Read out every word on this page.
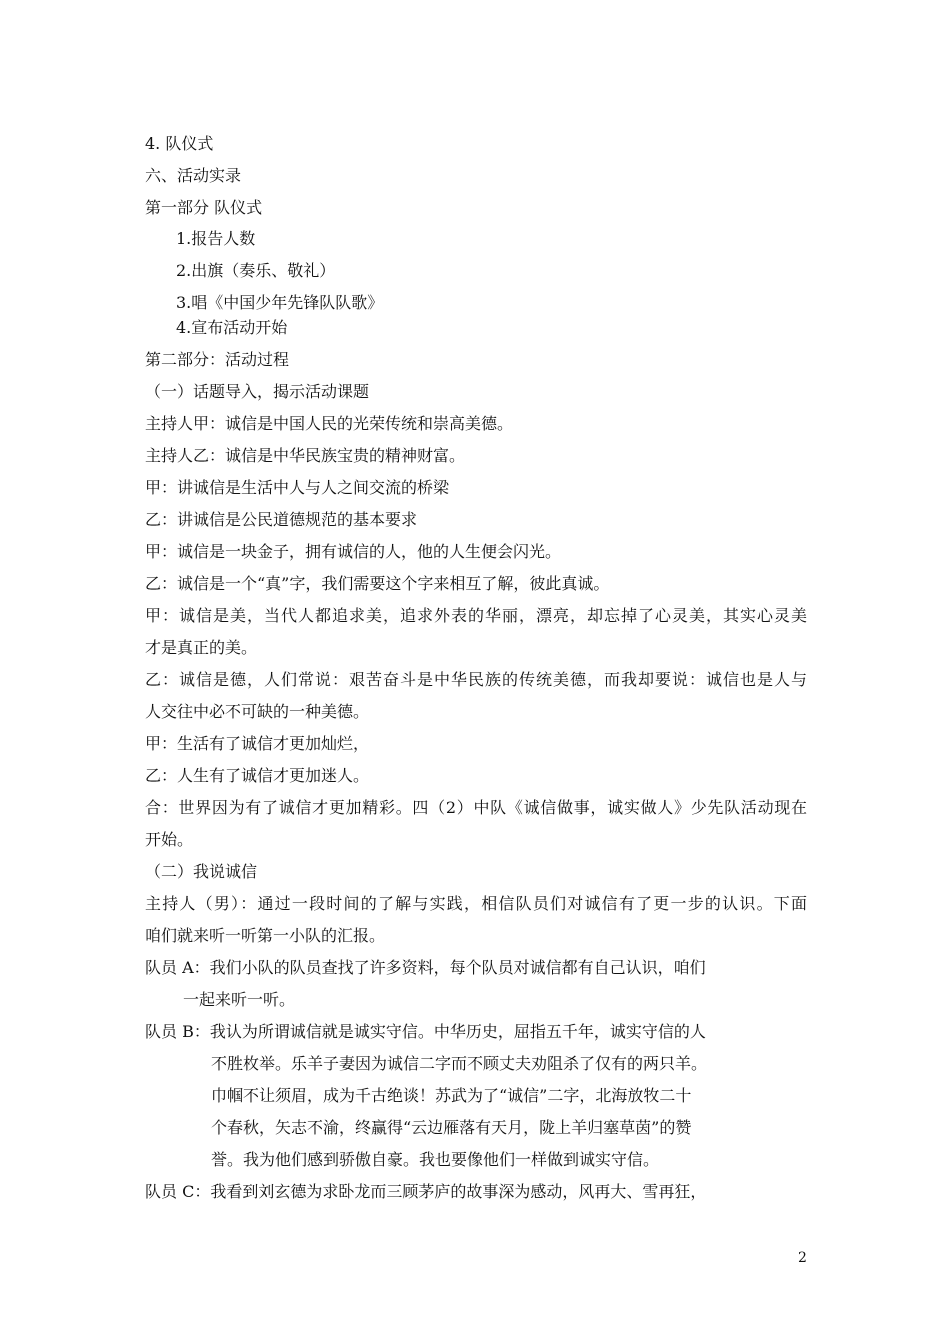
4. 队仪式
六、活动实录
第一部分 队仪式
1.报告人数
2.出旗（奏乐、敬礼）
3.唱《中国少年先锋队队歌》
4.宣布活动开始
第二部分：活动过程
（一）话题导入，揭示活动课题
主持人甲：诚信是中国人民的光荣传统和崇高美德。
主持人乙：诚信是中华民族宝贵的精神财富。
甲：讲诚信是生活中人与人之间交流的桥梁
乙：讲诚信是公民道德规范的基本要求
甲：诚信是一块金子，拥有诚信的人，他的人生便会闪光。
乙：诚信是一个“真”字，我们需要这个字来相互了解，彼此真诚。
甲：诚信是美，当代人都追求美，追求外表的华丽，漂亮，却忘掉了心灵美，其实心灵美
才是真正的美。
乙：诚信是德，人们常说：艰苦奋斗是中华民族的传统美德，而我却要说：诚信也是人与
人交往中必不可缺的一种美德。
甲：生活有了诚信才更加灿烂，
乙：人生有了诚信才更加迷人。
合：世界因为有了诚信才更加精彩。四（2）中队《诚信做事，诚实做人》少先队活动现在
开始。
（二）我说诚信
主持人（男）：通过一段时间的了解与实践，相信队员们对诚信有了更一步的认识。下面
咱们就来听一听第一小队的汇报。
队员 A：我们小队的队员查找了许多资料，每个队员对诚信都有自己认识，咱们
一起来听一听。
队员 B：我认为所谓诚信就是诚实守信。中华历史，屈指五千年，诚实守信的人
不胜枚举。乐羊子妻因为诚信二字而不顾丈夫劝阻杀了仅有的两只羊。
巾帼不让须眉，成为千古绝谈！苏武为了“诚信”二字，北海放牧二十
个春秋，矢志不渝，终赢得“云边雁落有天月，陇上羊归塞草茵”的赞
誉。我为他们感到骄傲自豪。我也要像他们一样做到诚实守信。
队员 C：我看到刘玄德为求卧龙而三顾茅庐的故事深为感动，风再大、雪再狂，
2
